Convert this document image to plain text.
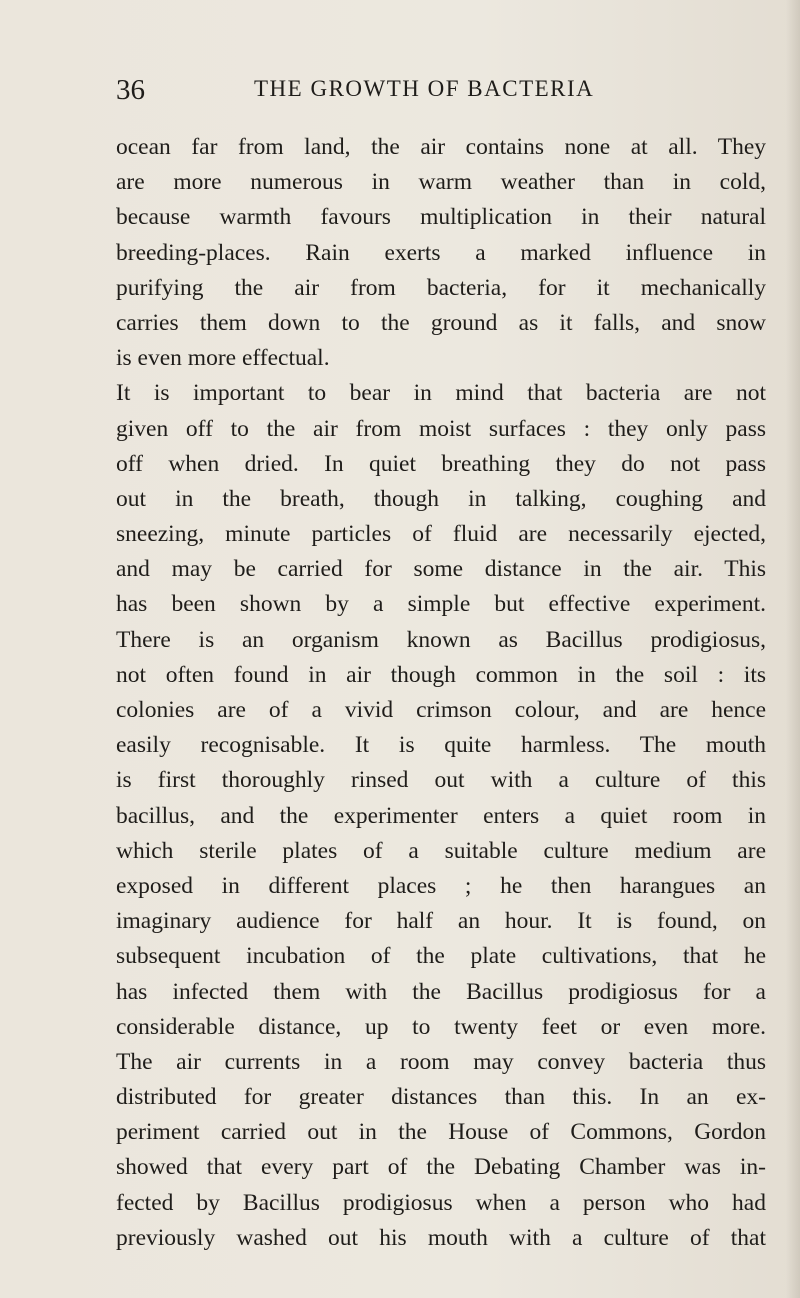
36	THE GROWTH OF BACTERIA
ocean far from land, the air contains none at all. They
are more numerous in warm weather than in cold,
because warmth favours multiplication in their natural
breeding-places. Rain exerts a marked influence in
purifying the air from bacteria, for it mechanically
carries them down to the ground as it falls, and snow
is even more effectual.
It is important to bear in mind that bacteria are not
given off to the air from moist surfaces : they only pass
off when dried. In quiet breathing they do not pass
out in the breath, though in talking, coughing and
sneezing, minute particles of fluid are necessarily ejected,
and may be carried for some distance in the air. This
has been shown by a simple but effective experiment.
There is an organism known as Bacillus prodigiosus,
not often found in air though common in the soil : its
colonies are of a vivid crimson colour, and are hence
easily recognisable. It is quite harmless. The mouth
is first thoroughly rinsed out with a culture of this
bacillus, and the experimenter enters a quiet room in
which sterile plates of a suitable culture medium are
exposed in different places ; he then harangues an
imaginary audience for half an hour. It is found, on
subsequent incubation of the plate cultivations, that he
has infected them with the Bacillus prodigiosus for a
considerable distance, up to twenty feet or even more.
The air currents in a room may convey bacteria thus
distributed for greater distances than this. In an ex-
periment carried out in the House of Commons, Gordon
showed that every part of the Debating Chamber was in-
fected by Bacillus prodigiosus when a person who had
previously washed out his mouth with a culture of that
